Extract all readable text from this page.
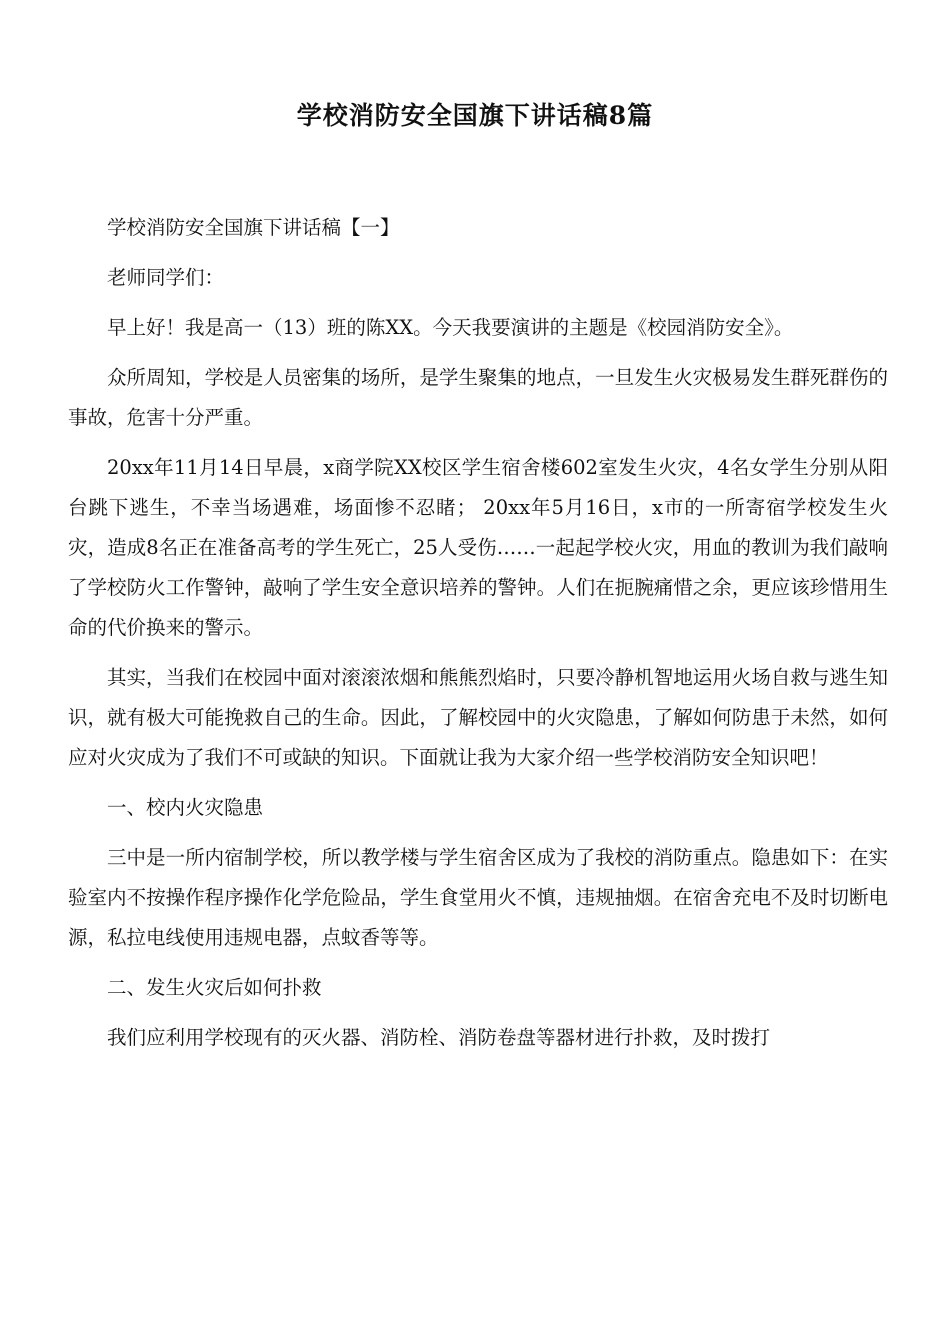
学校消防安全国旗下讲话稿8篇

学校消防安全国旗下讲话稿【一】

老师同学们：

早上好！我是高一（13）班的陈XX。今天我要演讲的主题是《校园消防安全》。

众所周知，学校是人员密集的场所，是学生聚集的地点，一旦发生火灾极易发生群死群伤的事故，危害十分严重。

20xx年11月14日早晨，x商学院XX校区学生宿舍楼602室发生火灾，4名女学生分别从阳台跳下逃生，不幸当场遇难，场面惨不忍睹； 20xx年5月16日，x市的一所寄宿学校发生火灾，造成8名正在准备高考的学生死亡，25人受伤……一起起学校火灾，用血的教训为我们敲响了学校防火工作警钟，敲响了学生安全意识培养的警钟。人们在扼腕痛惜之余，更应该珍惜用生命的代价换来的警示。

其实，当我们在校园中面对滚滚浓烟和熊熊烈焰时，只要冷静机智地运用火场自救与逃生知识，就有极大可能挽救自己的生命。因此，了解校园中的火灾隐患，了解如何防患于未然，如何应对火灾成为了我们不可或缺的知识。下面就让我为大家介绍一些学校消防安全知识吧！

一、校内火灾隐患

三中是一所内宿制学校，所以教学楼与学生宿舍区成为了我校的消防重点。隐患如下：在实验室内不按操作程序操作化学危险品，学生食堂用火不慎，违规抽烟。在宿舍充电不及时切断电源，私拉电线使用违规电器，点蚊香等等。

二、发生火灾后如何扑救

我们应利用学校现有的灭火器、消防栓、消防卷盘等器材进行扑救，及时拨打
